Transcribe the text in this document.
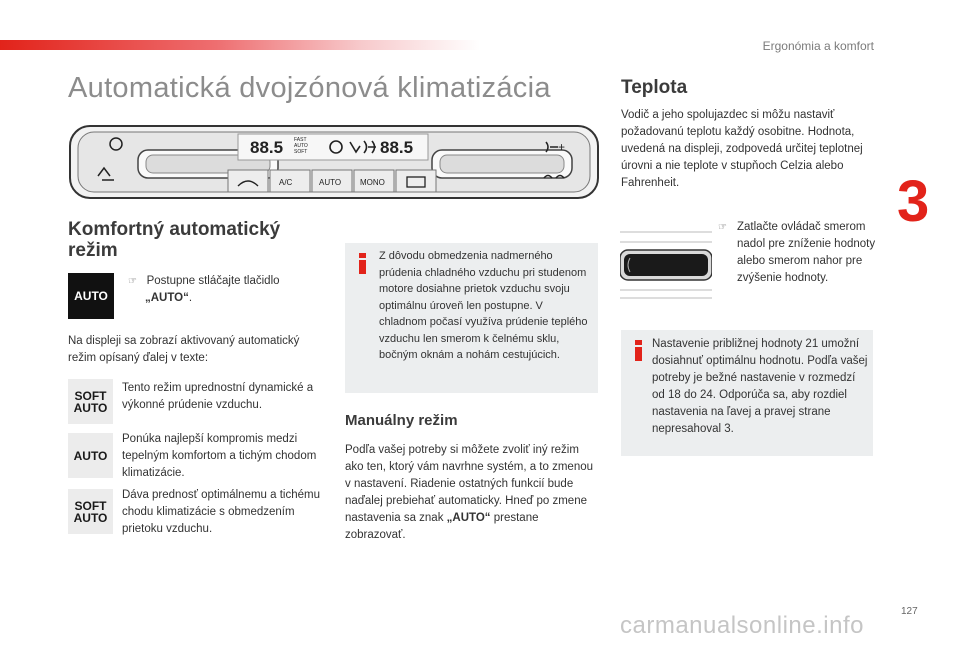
Ergonómia a komfort
3
Automatická dvojzónová klimatizácia
88.5 FAST
AUTO
SOFT	88.5	+
A/C	AUTO MONO
Komfortný automatický režim
AUTO
☞ Postupne stláčajte tlačidlo
„AUTO“.
Na displeji sa zobrazí aktivovaný automatický režim opísaný ďalej v texte:
SOFT
AUTO
Tento režim uprednostní dynamické a výkonné prúdenie vzduchu.
AUTO
Ponúka najlepší kompromis medzi tepelným komfortom a tichým chodom klimatizácie.
SOFT
AUTO
Dáva prednosť optimálnemu a tichému chodu klimatizácie s obmedzením prietoku vzduchu.
Z dôvodu obmedzenia nadmerného prúdenia chladného vzduchu pri studenom motore dosiahne prietok vzduchu svoju optimálnu úroveň len postupne. V chladnom počasí využíva prúdenie teplého vzduchu len smerom k čelnému sklu, bočným oknám a nohám cestujúcich.
Manuálny režim
Podľa vašej potreby si môžete zvoliť iný režim ako ten, ktorý vám navrhne systém, a to zmenou v nastavení. Riadenie ostatných funkcií bude naďalej prebiehať automaticky. Hneď po zmene nastavenia sa znak „AUTO“ prestane zobrazovať.
Teplota
Vodič a jeho spolujazdec si môžu nastaviť požadovanú teplotu každý osobitne. Hodnota, uvedená na displeji, zodpovedá určitej teplotnej úrovni a nie teplote v stupňoch Celzia alebo Fahrenheit.
☞ Zatlačte ovládač smerom nadol pre zníženie hodnoty alebo smerom nahor pre zvýšenie hodnoty.
Nastavenie približnej hodnoty 21 umožní dosiahnuť optimálnu hodnotu. Podľa vašej potreby je bežné nastavenie v rozmedzí od 18 do 24. Odporúča sa, aby rozdiel nastavenia na ľavej a pravej strane nepresahoval 3.
127
carmanualsonline.info
